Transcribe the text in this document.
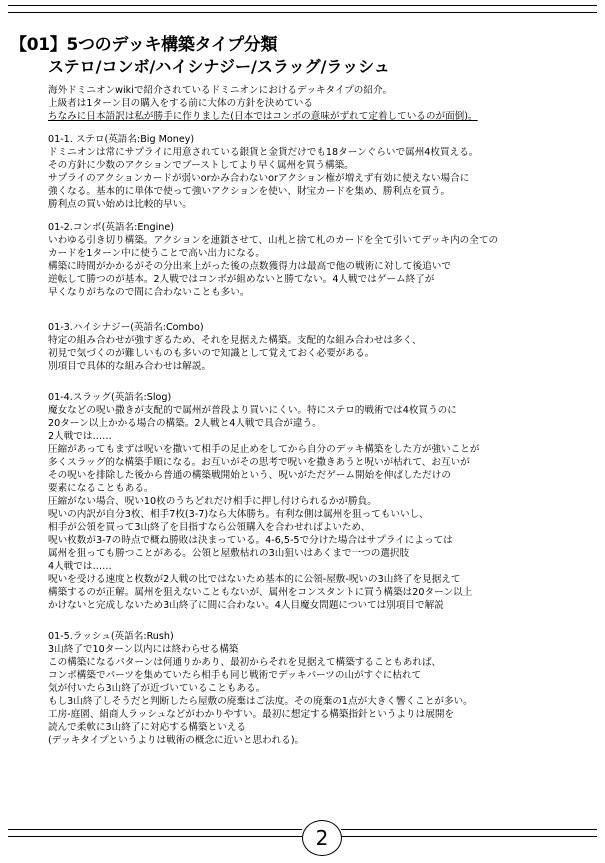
【01】5つのデッキ構築タイプ分類
ステロ/コンボ/ハイシナジー/スラッグ/ラッシュ
海外ドミニオンwikiで紹介されているドミニオンにおけるデッキタイプの紹介。
上級者は1ターン目の購入をする前に大体の方針を決めている
ちなみに日本語訳は私が勝手に作りました(日本ではコンボの意味がずれて定着しているのが面倒)。
01-1. ステロ(英語名:Big Money)
ドミニオンは常にサプライに用意されている銀貨と金貨だけでも18ターンぐらいで属州4枚買える。
その方針に少数のアクションでブーストしてより早く属州を買う構築。
サプライのアクションカードが弱いorかみ合わないorアクション権が増えず有効に使えない場合に
強くなる。基本的に単体で使って強いアクションを使い、財宝カードを集め、勝利点を買う。
勝利点の買い始めは比較的早い。
01-2.コンボ(英語名:Engine)
いわゆる引き切り構築。アクションを連鎖させて、山札と捨て札のカードを全て引いてデッキ内の全ての
カードを1ターン中に使うことで高い出力になる。
構築に時間がかかるがその分出来上がった後の点数獲得力は最高で他の戦術に対して後追いで
逆転して勝つのが基本。2人戦ではコンボが組めないと勝てない。4人戦ではゲーム終了が
早くなりがちなので間に合わないことも多い。
01-3.ハイシナジー(英語名:Combo)
特定の組み合わせが強すぎるため、それを見据えた構築。支配的な組み合わせは多く、
初見で気づくのが難しいものも多いので知識として覚えておく必要がある。
別項目で具体的な組み合わせは解説。
01-4.スラッグ(英語名:Slog)
魔女などの呪い撒きが支配的で属州が普段より買いにくい。特にステロ的戦術では4枚買うのに
20ターン以上かかる場合の構築。2人戦と4人戦で具合が違う。
2人戦では……
圧縮があってもまずは呪いを撒いて相手の足止めをしてから自分のデッキ構築をした方が強いことが
多くスラッグ的な構築手順になる。お互いがその思考で呪いを撒きあうと呪いが枯れて、お互いが
その呪いを排除した後から普通の構築戦開始という、呪いがただゲーム開始を伸ばしただけの
要素になることもある。
圧縮がない場合、呪い10枚のうちどれだけ相手に押し付けられるかが勝負。
呪いの内訳が自分3枚、相手7枚(3-7)なら大体勝ち。有利な側は属州を狙ってもいいし、
相手が公領を買って3山終了を目指すなら公領購入を合わせればよいため、
呪い枚数が3-7の時点で概ね勝敗は決まっている。4-6,5-5で分けた場合はサプライによっては
属州を狙っても勝つことがある。公領と屋敷枯れの3山狙いはあくまで一つの選択肢
4人戦では……
呪いを受ける速度と枚数が2人戦の比ではないため基本的に公領-屋敷-呪いの3山終了を見据えて
構築するのが正解。属州を狙えないこともないが、属州をコンスタントに買う構築は20ターン以上
かけないと完成しないため3山終了に間に合わない。4人目魔女問題については別項目で解説
01-5.ラッシュ(英語名:Rush)
3山終了で10ターン以内には終わらせる構築
この構築になるパターンは何通りかあり、最初からそれを見据えて構築することもあれば、
コンボ構築でパーツを集めていたら相手も同じ戦術でデッキパーツの山がすぐに枯れて
気が付いたら3山終了が近づいていることもある。
もし3山終了しそうだと判断したら屋敷の廃棄はご法度。その廃棄の1点が大きく響くことが多い。
工房-庭園、絹商人ラッシュなどがわかりやすい。最初に想定する構築指針というよりは展開を
読んで柔軟に3山終了に対応する構築といえる
(デッキタイプというよりは戦術の概念に近いと思われる)。
2
